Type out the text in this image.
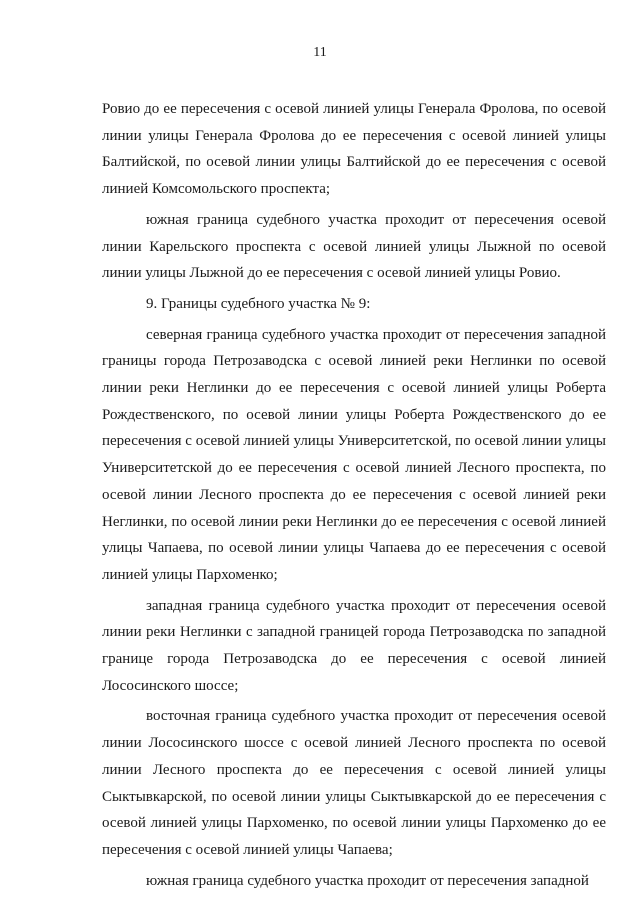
11

Ровио до ее пересечения с осевой линией улицы Генерала Фролова, по осевой линии улицы Генерала Фролова до ее пересечения с осевой линией улицы Балтийской, по осевой линии улицы Балтийской до ее пересечения с осевой линией Комсомольского проспекта;

южная граница судебного участка проходит от пересечения осевой линии Карельского проспекта с осевой линией улицы Лыжной по осевой линии улицы Лыжной до ее пересечения с осевой линией улицы Ровио.

9. Границы судебного участка № 9:

северная граница судебного участка проходит от пересечения западной границы города Петрозаводска с осевой линией реки Неглинки по осевой линии реки Неглинки до ее пересечения с осевой линией улицы Роберта Рождественского, по осевой линии улицы Роберта Рождественского до ее пересечения с осевой линией улицы Университетской, по осевой линии улицы Университетской до ее пересечения с осевой линией Лесного проспекта, по осевой линии Лесного проспекта до ее пересечения с осевой линией реки Неглинки, по осевой линии реки Неглинки до ее пересечения с осевой линией улицы Чапаева, по осевой линии улицы Чапаева до ее пересечения с осевой линией улицы Пархоменко;

западная граница судебного участка проходит от пересечения осевой линии реки Неглинки с западной границей города Петрозаводска по западной границе города Петрозаводска до ее пересечения с осевой линией Лососинского шоссе;

восточная граница судебного участка проходит от пересечения осевой линии Лососинского шоссе с осевой линией Лесного проспекта по осевой линии Лесного проспекта до ее пересечения с осевой линией улицы Сыктывкарской, по осевой линии улицы Сыктывкарской до ее пересечения с осевой линией улицы Пархоменко, по осевой линии улицы Пархоменко до ее пересечения с осевой линией улицы Чапаева;

южная граница судебного участка проходит от пересечения западной
